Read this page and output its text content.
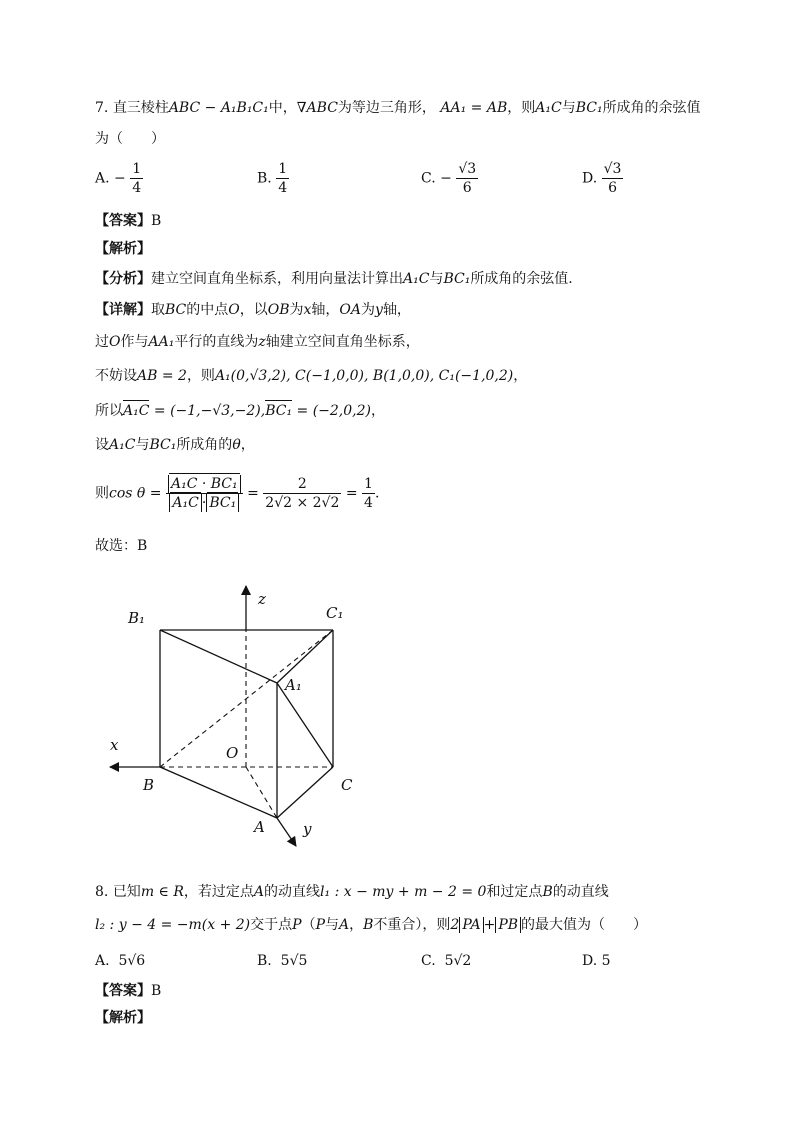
7. 直三棱柱ABC − A₁B₁C₁中，∇ABC为等边三角形， AA₁ = AB，则A₁C与BC₁所成角的余弦值
为（　　）
A. − $\frac{1}{4}$	B. $\frac{1}{4}$	C. − $\frac{√3}{6}$	D. $\frac{√3}{6}$
【答案】B
【解析】
【分析】建立空间直角坐标系，利用向量法计算出A₁C与BC₁所成角的余弦值.
【详解】取BC的中点O，以OB为x轴，OA为y轴，
过O作与AA₁平行的直线为z轴建立空间直角坐标系，
不妨设AB = 2，则A₁(0,√3,2), C(−1,0,0), B(1,0,0), C₁(−1,0,2)，
所以A₁C = (−1,−√3,−2),BC₁ = (−2,0,2)，
设A₁C与BC₁所成角的θ，
则$\cos \theta = \frac{\text{A₁C · BC₁}}{\text{A₁C · BC₁}} = \frac{2}{2√2 \times 2√2} = \frac{1}{4}$ .
故选：B
B₁	C₁
A₁
z
x	O
B	C
A	y
8. 已知m ∈ R，若过定点A的动直线l₁ : x − my + m − 2 = 0和过定点B的动直线
l₂ : y − 4 = −m(x + 2)交于点P（P与A，B不重合），则2 PA + PB 的最大值为（　　）
A. 5√6	B. 5√5	C. 5√2	D. 5
【答案】B
【解析】
